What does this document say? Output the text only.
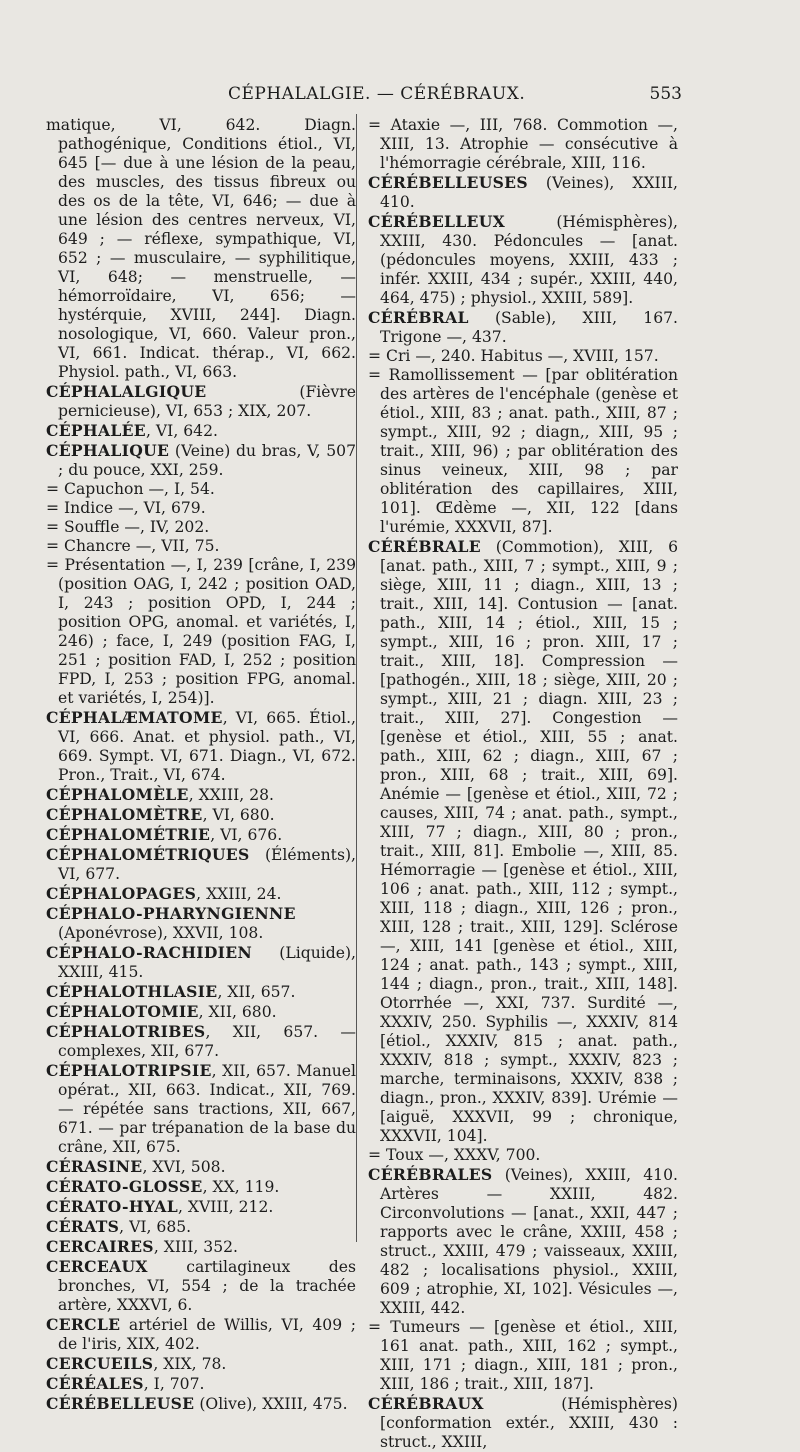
CÉPHALALGIE. — CÉRÉBRAUX.	553

matique, VI, 642. Diagn. pathogénique, Conditions étiol., VI, 645 [— due à une lésion de la peau, des muscles, des tissus fibreux ou des os de la tête, VI, 646; — due à une lésion des centres nerveux, VI, 649 ; — réflexe, sympathique, VI, 652 ; — musculaire, — syphilitique, VI, 648; — menstruelle, — hémorroïdaire, VI, 656; — hystérquie, XVIII, 244]. Diagn. nosologique, VI, 660. Valeur pron., VI, 661. Indicat. thérap., VI, 662. Physiol. path., VI, 663.

CÉPHALALGIQUE (Fièvre pernicieuse), VI, 653 ; XIX, 207.

CÉPHALÉE, VI, 642.

CÉPHALIQUE (Veine) du bras, V, 507 ; du pouce, XXI, 259.

= Capuchon —, I, 54.

= Indice —, VI, 679.

= Souffle —, IV, 202.

= Chancre —, VII, 75.

= Présentation —, I, 239 [crâne, I, 239 (position OAG, I, 242 ; position OAD, I, 243 ; position OPD, I, 244 ; position OPG, anomal. et variétés, I, 246) ; face, I, 249 (position FAG, I, 251 ; position FAD, I, 252 ; position FPD, I, 253 ; position FPG, anomal. et variétés, I, 254)].

CÉPHALÆMATOME, VI, 665. Étiol., VI, 666. Anat. et physiol. path., VI, 669. Sympt. VI, 671. Diagn., VI, 672. Pron., Trait., VI, 674.

CÉPHALOMÈLE, XXIII, 28.

CÉPHALOMÈTRE, VI, 680.

CÉPHALOMÉTRIE, VI, 676.

CÉPHALOMÉTRIQUES (Éléments), VI, 677.

CÉPHALOPAGES, XXIII, 24.

CÉPHALO-PHARYNGIENNE (Aponévrose), XXVII, 108.

CÉPHALO-RACHIDIEN (Liquide), XXIII, 415.

CÉPHALOTHLASIE, XII, 657.

CÉPHALOTOMIE, XII, 680.

CÉPHALOTRIBES, XII, 657. — complexes, XII, 677.

CÉPHALOTRIPSIE, XII, 657. Manuel opérat., XII, 663. Indicat., XII, 769. — répétée sans tractions, XII, 667, 671. — par trépanation de la base du crâne, XII, 675.

CÉRASINE, XVI, 508.

CÉRATO-GLOSSE, XX, 119.

CÉRATO-HYAL, XVIII, 212.

CÉRATS, VI, 685.

CERCAIRES, XIII, 352.

CERCEAUX cartilagineux des bronches, VI, 554 ; de la trachée artère, XXXVI, 6.

CERCLE artériel de Willis, VI, 409 ; de l'iris, XIX, 402.

CERCUEILS, XIX, 78.

CÉRÉALES, I, 707.

CÉRÉBELLEUSE (Olive), XXIII, 475.

= Ataxie —, III, 768. Commotion —, XIII, 13. Atrophie — consécutive à l'hémorragie cérébrale, XIII, 116.

CÉRÉBELLEUSES (Veines), XXIII, 410.

CÉRÉBELLEUX (Hémisphères), XXIII, 430. Pédoncules — [anat. (pédoncules moyens, XXIII, 433 ; infér. XXIII, 434 ; supér., XXIII, 440, 464, 475) ; physiol., XXIII, 589].

CÉRÉBRAL (Sable), XIII, 167. Trigone —, 437.

= Cri —, 240. Habitus —, XVIII, 157.

= Ramollissement — [par oblitération des artères de l'encéphale (genèse et étiol., XIII, 83 ; anat. path., XIII, 87 ; sympt., XIII, 92 ; diagn,, XIII, 95 ; trait., XIII, 96) ; par oblitération des sinus veineux, XIII, 98 ; par oblitération des capillaires, XIII, 101]. Œdème —, XII, 122 [dans l'urémie, XXXVII, 87].

CÉRÉBRALE (Commotion), XIII, 6 [anat. path., XIII, 7 ; sympt., XIII, 9 ; siège, XIII, 11 ; diagn., XIII, 13 ; trait., XIII, 14]. Contusion — [anat. path., XIII, 14 ; étiol., XIII, 15 ; sympt., XIII, 16 ; pron. XIII, 17 ; trait., XIII, 18]. Compression — [pathogén., XIII, 18 ; siège, XIII, 20 ; sympt., XIII, 21 ; diagn. XIII, 23 ; trait., XIII, 27]. Congestion — [genèse et étiol., XIII, 55 ; anat. path., XIII, 62 ; diagn., XIII, 67 ; pron., XIII, 68 ; trait., XIII, 69]. Anémie — [genèse et étiol., XIII, 72 ; causes, XIII, 74 ; anat. path., sympt., XIII, 77 ; diagn., XIII, 80 ; pron., trait., XIII, 81]. Embolie —, XIII, 85. Hémorragie — [genèse et étiol., XIII, 106 ; anat. path., XIII, 112 ; sympt., XIII, 118 ; diagn., XIII, 126 ; pron., XIII, 128 ; trait., XIII, 129]. Sclérose —, XIII, 141 [genèse et étiol., XIII, 124 ; anat. path., 143 ; sympt., XIII, 144 ; diagn., pron., trait., XIII, 148]. Otorrhée —, XXI, 737. Surdité —, XXXIV, 250. Syphilis —, XXXIV, 814 [étiol., XXXIV, 815 ; anat. path., XXXIV, 818 ; sympt., XXXIV, 823 ; marche, terminaisons, XXXIV, 838 ; diagn., pron., XXXIV, 839]. Urémie — [aiguë, XXXVII, 99 ; chronique, XXXVII, 104].

= Toux —, XXXV, 700.

CÉRÉBRALES (Veines), XXIII, 410. Artères — XXIII, 482. Circonvolutions — [anat., XXII, 447 ; rapports avec le crâne, XXIII, 458 ; struct., XXIII, 479 ; vaisseaux, XXIII, 482 ; localisations physiol., XXIII, 609 ; atrophie, XI, 102]. Vésicules —, XXIII, 442.

= Tumeurs — [genèse et étiol., XIII, 161 anat. path., XIII, 162 ; sympt., XIII, 171 ; diagn., XIII, 181 ; pron., XIII, 186 ; trait., XIII, 187].

CÉRÉBRAUX (Hémisphères) [conformation extér., XXIII, 430 : struct., XXIII,
